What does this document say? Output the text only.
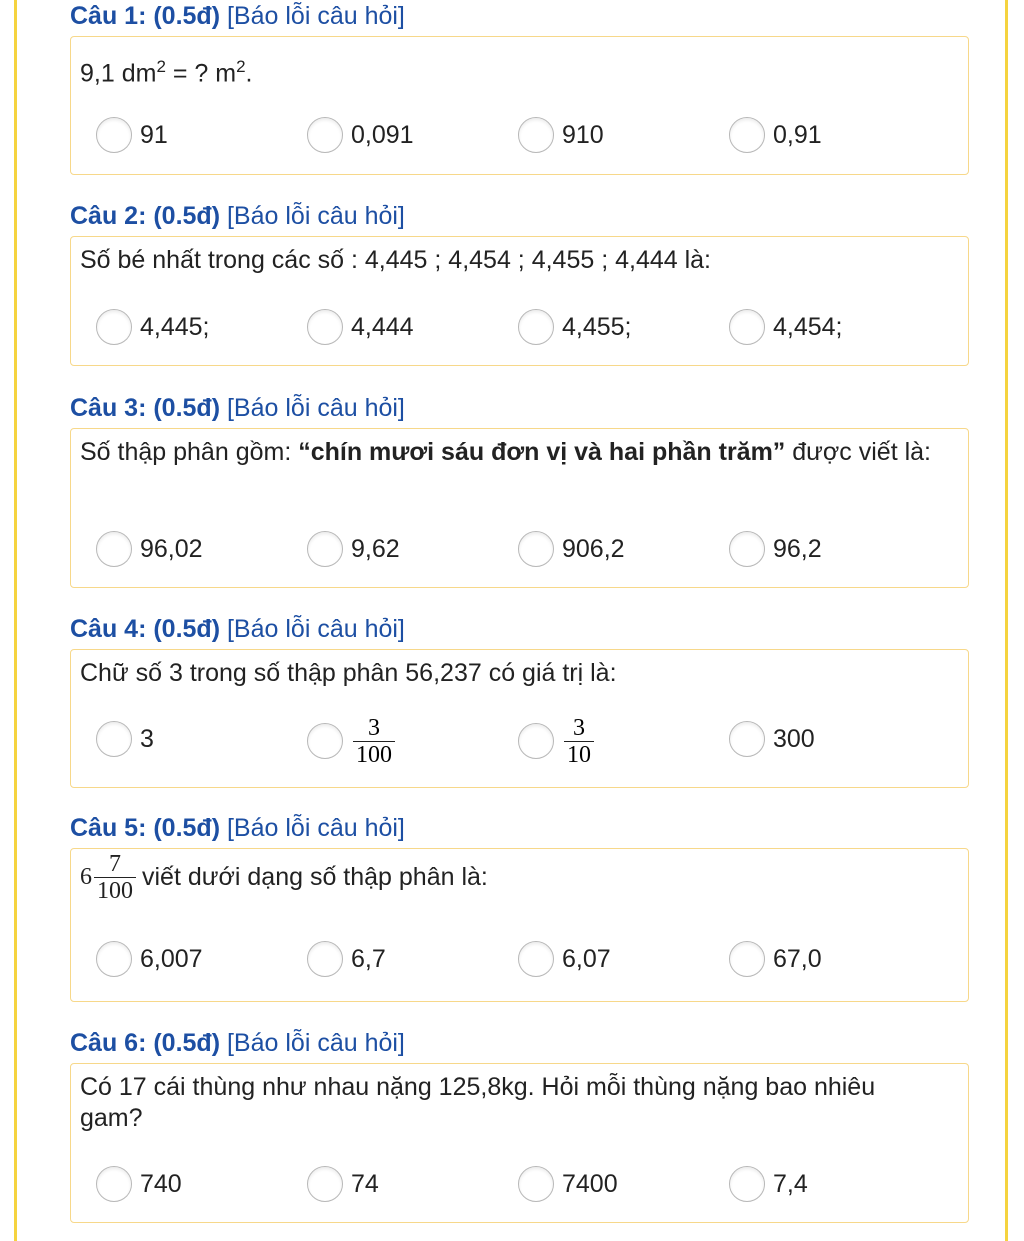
Câu 1: (0.5đ) [Báo lỗi câu hỏi]
9,1 $dm^2$ = ? $m^2$.
91	0,091	910	0,91
Câu 2: (0.5đ) [Báo lỗi câu hỏi]
Số bé nhất trong các số : 4,445 ; 4,454 ; 4,455 ; 4,444 là:
4,445;	4,444	4,455;	4,454;
Câu 3: (0.5đ) [Báo lỗi câu hỏi]
Số thập phân gồm: “chín mươi sáu đơn vị và hai phần trăm” được viết là:
96,02	9,62	906,2	96,2
Câu 4: (0.5đ) [Báo lỗi câu hỏi]
Chữ số 3 trong số thập phân 56,237 có giá trị là:
3	$\frac{3}{100}$	$\frac{3}{10}$	300
Câu 5: (0.5đ) [Báo lỗi câu hỏi]
$6 \frac{7}{100}$ viết dưới dạng số thập phân là:
6,007	6,7	6,07	67,0
Câu 6: (0.5đ) [Báo lỗi câu hỏi]
Có 17 cái thùng như nhau nặng 125,8kg. Hỏi mỗi thùng nặng bao nhiêu gam?
740	74	7400	7,4
